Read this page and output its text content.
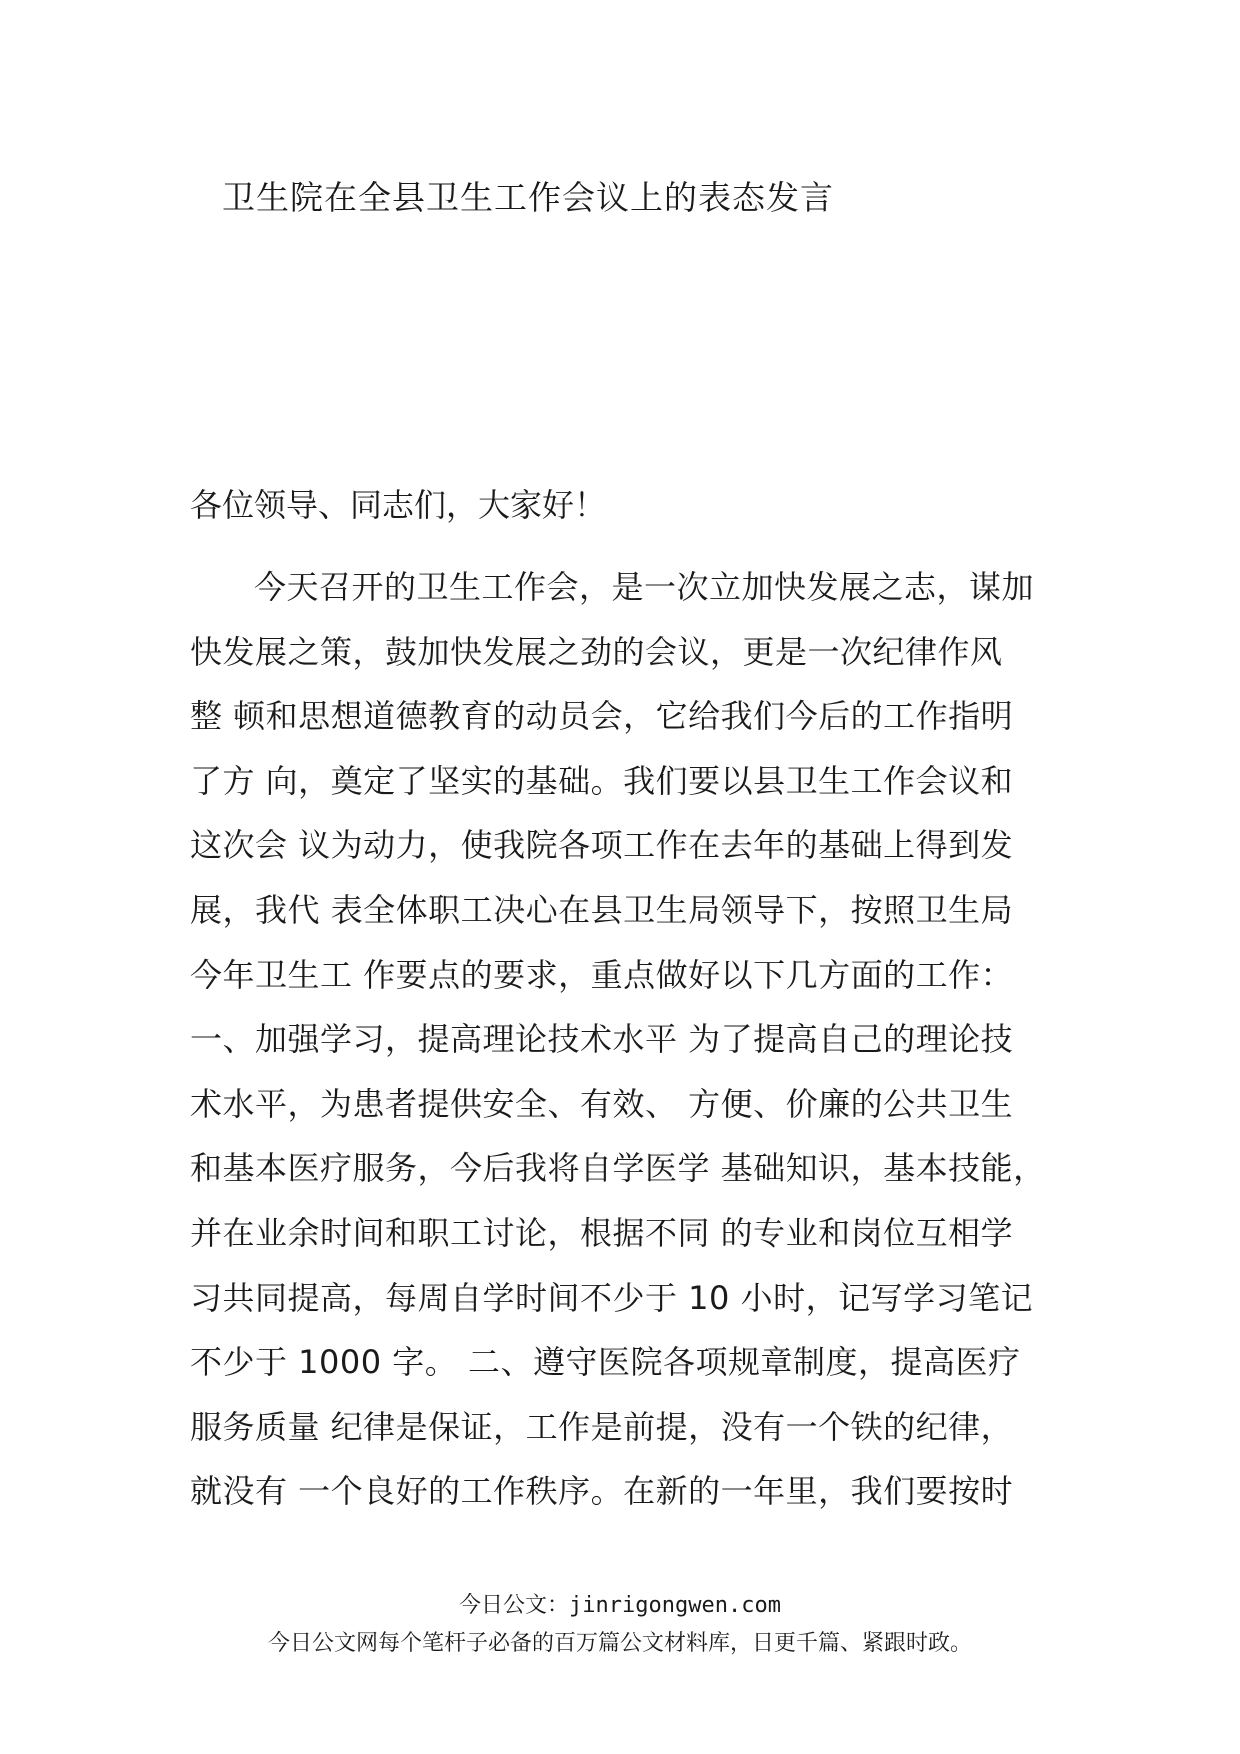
卫生院在全县卫生工作会议上的表态发言

各位领导、同志们，大家好！

今天召开的卫生工作会，是一次立加快发展之志，谋加
快发展之策，鼓加快发展之劲的会议，更是一次纪律作风
整 顿和思想道德教育的动员会，它给我们今后的工作指明
了方 向，奠定了坚实的基础。我们要以县卫生工作会议和
这次会 议为动力，使我院各项工作在去年的基础上得到发
展，我代 表全体职工决心在县卫生局领导下，按照卫生局
今年卫生工 作要点的要求，重点做好以下几方面的工作：
一、加强学习，提高理论技术水平 为了提高自己的理论技
术水平，为患者提供安全、有效、 方便、价廉的公共卫生
和基本医疗服务，今后我将自学医学 基础知识，基本技能，
并在业余时间和职工讨论，根据不同 的专业和岗位互相学
习共同提高，每周自学时间不少于 10 小时，记写学习笔记
不少于 1000 字。 二、遵守医院各项规章制度，提高医疗
服务质量 纪律是保证，工作是前提，没有一个铁的纪律，
就没有 一个良好的工作秩序。在新的一年里，我们要按时
今日公文：jinrigongwen.com
今日公文网每个笔杆子必备的百万篇公文材料库，日更千篇、紧跟时政。
